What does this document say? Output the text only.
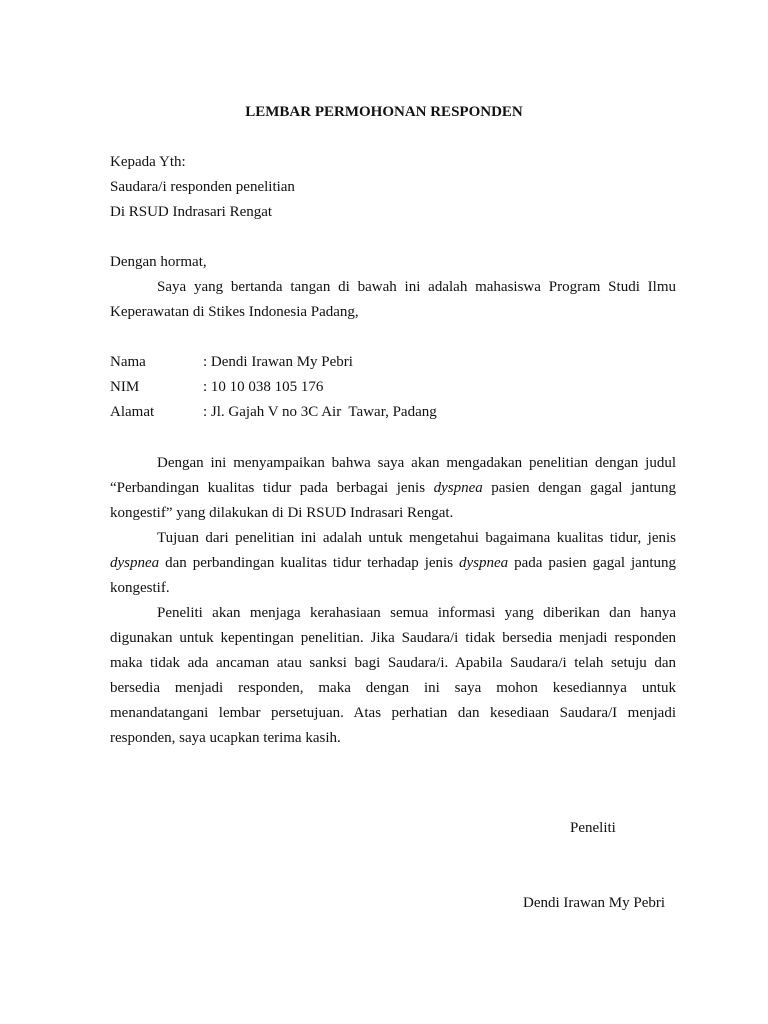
LEMBAR PERMOHONAN RESPONDEN
Kepada Yth:
Saudara/i responden penelitian
Di RSUD Indrasari Rengat
Dengan hormat,
Saya yang bertanda tangan di bawah ini adalah mahasiswa Program Studi Ilmu
Keperawatan di Stikes Indonesia Padang,
Nama	: Dendi Irawan My Pebri
NIM	: 10 10 038 105 176
Alamat	: Jl. Gajah V no 3C Air  Tawar, Padang
Dengan ini menyampaikan bahwa saya akan mengadakan penelitian dengan judul
“Perbandingan kualitas tidur pada berbagai jenis dyspnea pasien dengan gagal jantung
kongestif” yang dilakukan di Di RSUD Indrasari Rengat.
Tujuan dari penelitian ini adalah untuk mengetahui bagaimana kualitas tidur, jenis
dyspnea dan perbandingan kualitas tidur terhadap jenis dyspnea pada pasien gagal jantung
kongestif.
Peneliti akan menjaga kerahasiaan semua informasi yang diberikan dan hanya
digunakan untuk kepentingan penelitian. Jika Saudara/i tidak bersedia menjadi responden
maka tidak ada ancaman atau sanksi bagi Saudara/i. Apabila Saudara/i telah setuju dan
bersedia menjadi responden, maka dengan ini saya mohon kesediannya untuk
menandatangani lembar persetujuan. Atas perhatian dan kesediaan Saudara/I menjadi
responden, saya ucapkan terima kasih.
Peneliti
Dendi Irawan My Pebri
